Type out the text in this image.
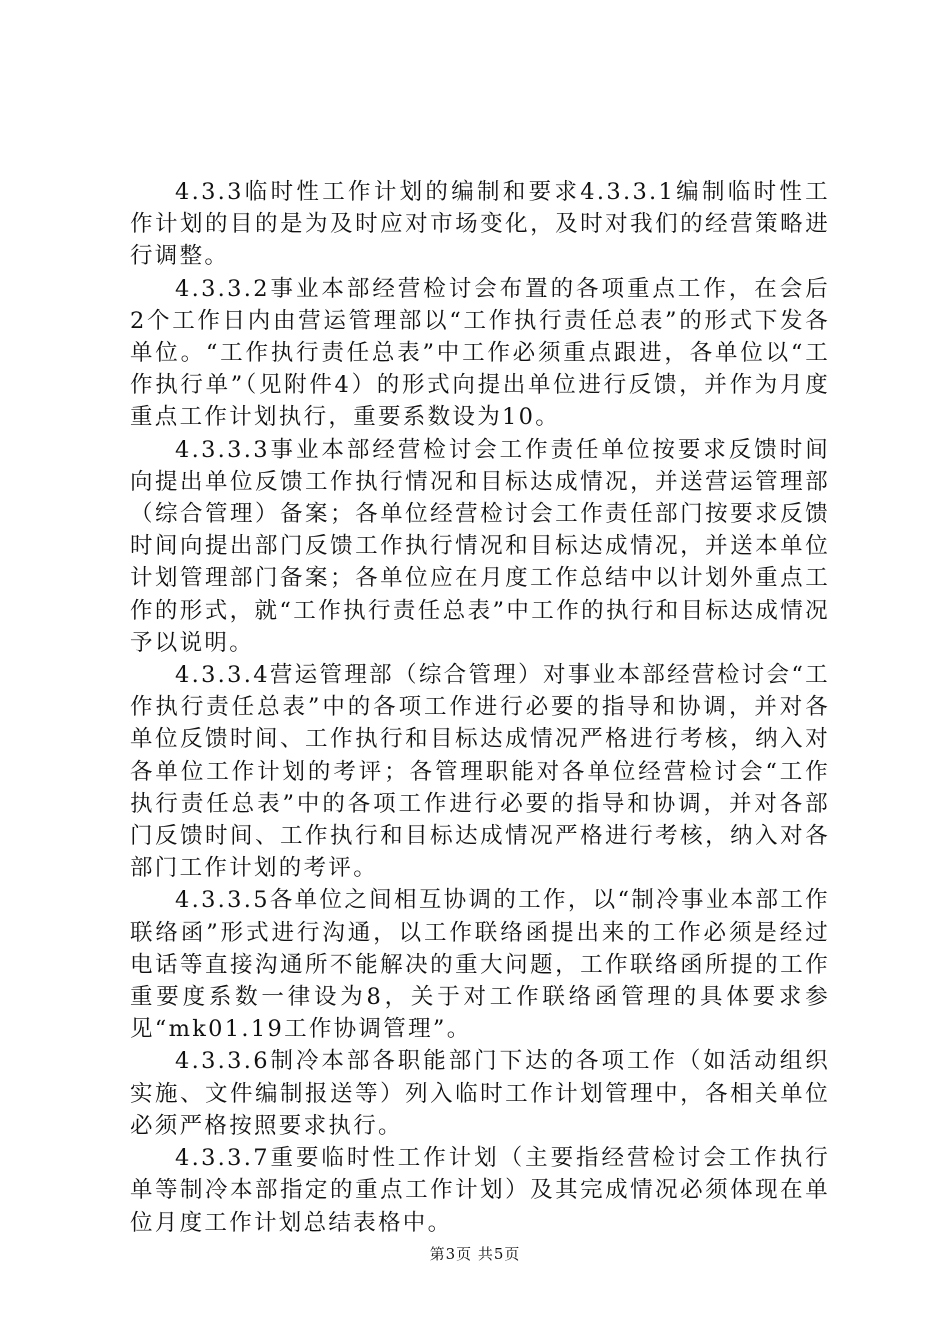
4.3.3临时性工作计划的编制和要求4.3.3.1编制临时性工作计划的目的是为及时应对市场变化，及时对我们的经营策略进行调整。

4.3.3.2事业本部经营检讨会布置的各项重点工作，在会后2个工作日内由营运管理部以“工作执行责任总表”的形式下发各单位。“工作执行责任总表”中工作必须重点跟进，各单位以“工作执行单”（见附件4）的形式向提出单位进行反馈，并作为月度重点工作计划执行，重要系数设为10。

4.3.3.3事业本部经营检讨会工作责任单位按要求反馈时间向提出单位反馈工作执行情况和目标达成情况，并送营运管理部（综合管理）备案；各单位经营检讨会工作责任部门按要求反馈时间向提出部门反馈工作执行情况和目标达成情况，并送本单位计划管理部门备案；各单位应在月度工作总结中以计划外重点工作的形式，就“工作执行责任总表”中工作的执行和目标达成情况予以说明。

4.3.3.4营运管理部（综合管理）对事业本部经营检讨会“工作执行责任总表”中的各项工作进行必要的指导和协调，并对各单位反馈时间、工作执行和目标达成情况严格进行考核，纳入对各单位工作计划的考评；各管理职能对各单位经营检讨会“工作执行责任总表”中的各项工作进行必要的指导和协调，并对各部门反馈时间、工作执行和目标达成情况严格进行考核，纳入对各部门工作计划的考评。

4.3.3.5各单位之间相互协调的工作，以“制冷事业本部工作联络函”形式进行沟通，以工作联络函提出来的工作必须是经过电话等直接沟通所不能解决的重大问题，工作联络函所提的工作重要度系数一律设为8，关于对工作联络函管理的具体要求参见“mk01.19工作协调管理”。

4.3.3.6制冷本部各职能部门下达的各项工作（如活动组织实施、文件编制报送等）列入临时工作计划管理中，各相关单位必须严格按照要求执行。

4.3.3.7重要临时性工作计划（主要指经营检讨会工作执行单等制冷本部指定的重点工作计划）及其完成情况必须体现在单位月度工作计划总结表格中。

第3页 共5页
